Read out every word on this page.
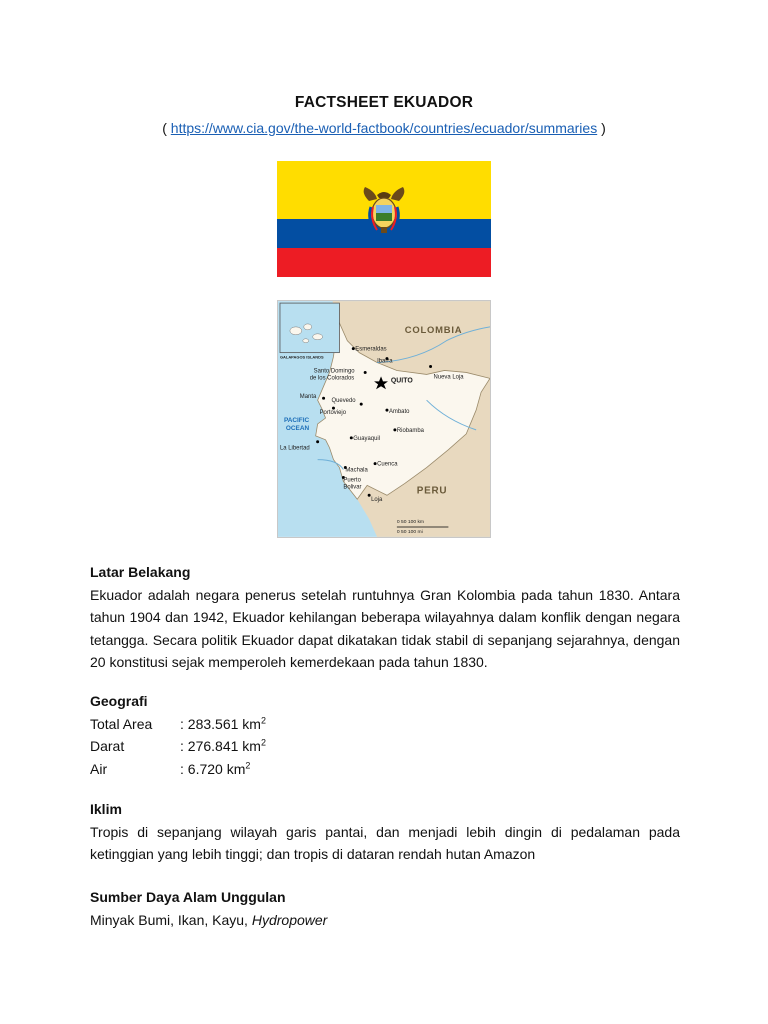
FACTSHEET EKUADOR
( https://www.cia.gov/the-world-factbook/countries/ecuador/summaries )
COLOMBIA
PERU
PACIFIC
OCEAN
GALAPAGOS ISLANDS
QUITO
Esmeraldas
Ibarra
Santo Domingo
de los Colorados	Nueva Loja
Manta
Quevedo
Portoviejo	Ambato
Riobamba
Guayaquil
La Libertad
Cuenca
Machala
Puerto
Bolivar
Loja
0 50 100 km
0 50 100 mi
Latar Belakang
Ekuador adalah negara penerus setelah runtuhnya Gran Kolombia pada tahun 1830. Antara tahun 1904 dan 1942, Ekuador kehilangan beberapa wilayahnya dalam konflik dengan negara tetangga. Secara politik Ekuador dapat dikatakan tidak stabil di sepanjang sejarahnya, dengan 20 konstitusi sejak memperoleh kemerdekaan pada tahun 1830.
Geografi
Total Area	: 283.561 $km^2$
Darat	: 276.841 $km^2$
Air	: 6.720 $km^2$
Iklim
Tropis di sepanjang wilayah garis pantai, dan menjadi lebih dingin di pedalaman pada ketinggian yang lebih tinggi; dan tropis di dataran rendah hutan Amazon
Sumber Daya Alam Unggulan
Minyak Bumi, Ikan, Kayu, Hydropower
